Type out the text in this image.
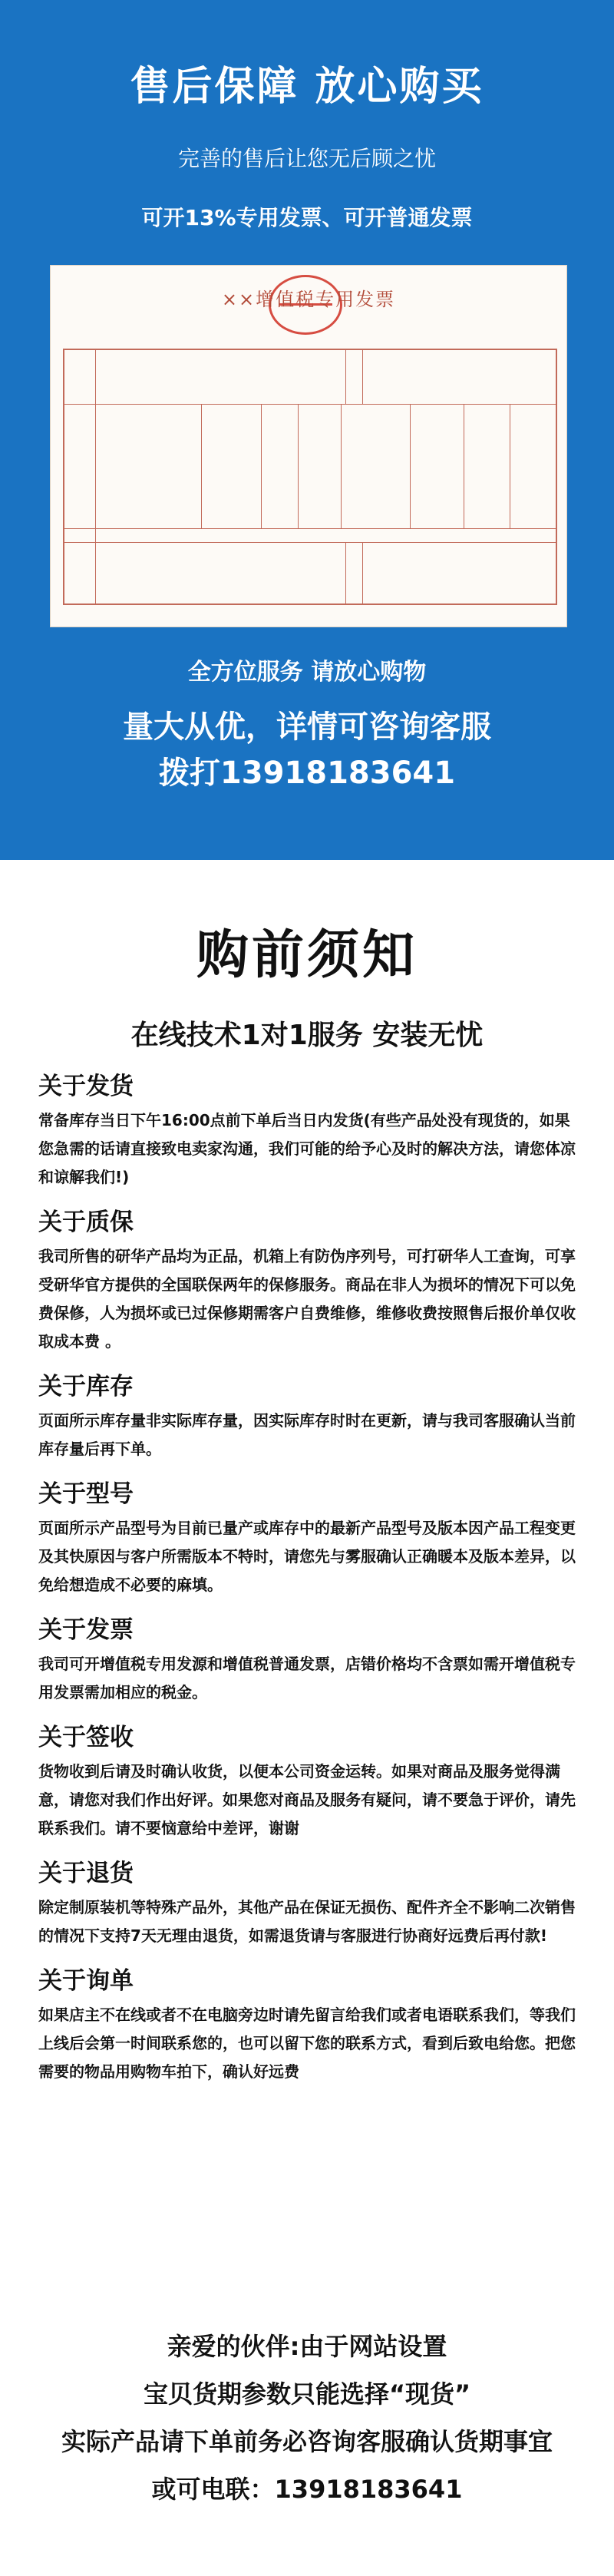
售后保障 放心购买
完善的售后让您无后顾之忧
可开13%专用发票、可开普通发票
××增值税专用发票
全方位服务 请放心购物
量大从优，详情可咨询客服
拨打13918183641
购前须知
在线技术1对1服务 安装无忧
关于发货
常备库存当日下午16:00点前下单后当日内发货(有些产品处没有现货的，如果您急需的话请直接致电卖家沟通，我们可能的给予心及时的解决方法，请您体凉和谅解我们!)
关于质保
我司所售的研华产品均为正品，机箱上有防伪序列号，可打研华人工查询，可享受研华官方提供的全国联保两年的保修服务。商品在非人为损坏的情况下可以免费保修，人为损坏或已过保修期需客户自费维修，维修收费按照售后报价单仅收取成本费 。
关于库存
页面所示库存量非实际库存量，因实际库存时时在更新，请与我司客服确认当前库存量后再下单。
关于型号
页面所示产品型号为目前已量产或库存中的最新产品型号及版本因产品工程变更及其快原因与客户所需版本不特时，请您先与雾服确认正确暖本及版本差异，以免给想造成不必要的麻填。
关于发票
我司可开增值税专用发源和增值税普通发票，店错价格均不含票如需开增值税专用发票需加相应的税金。
关于签收
货物收到后请及时确认收货，以便本公司资金运转。如果对商品及服务觉得满意，请您对我们作出好评。如果您对商品及服务有疑问，请不要急于评价，请先联系我们。请不要恼意给中差评，谢谢
关于退货
除定制原装机等特殊产品外，其他产品在保证无损伤、配件齐全不影响二次销售的情况下支持7天无理由退货，如需退货请与客服进行协商好远费后再付款!
关于询单
如果店主不在线或者不在电脑旁边时请先留言给我们或者电语联系我们，等我们上线后会第一时间联系您的，也可以留下您的联系方式，看到后致电给您。把您需要的物品用购物车拍下，确认好远费
亲爱的伙伴:由于网站设置
宝贝货期参数只能选择“现货”
实际产品请下单前务必咨询客服确认货期事宜
或可电联：13918183641
